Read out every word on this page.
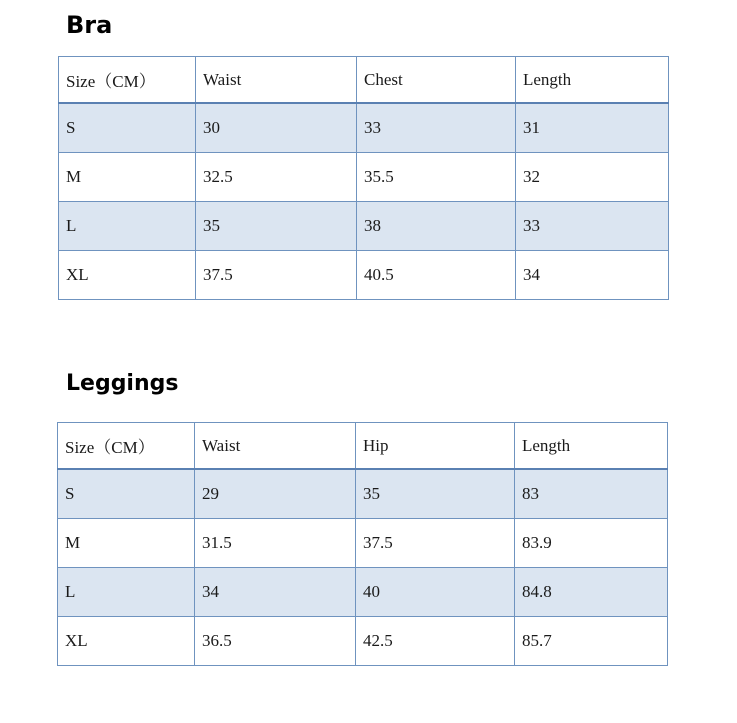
Bra
Size（CM）	Waist	Chest	Length
S	30	33	31
M	32.5	35.5	32
L	35	38	33
XL	37.5	40.5	34
Leggings
Size（CM）	Waist	Hip	Length
S	29	35	83
M	31.5	37.5	83.9
L	34	40	84.8
XL	36.5	42.5	85.7
